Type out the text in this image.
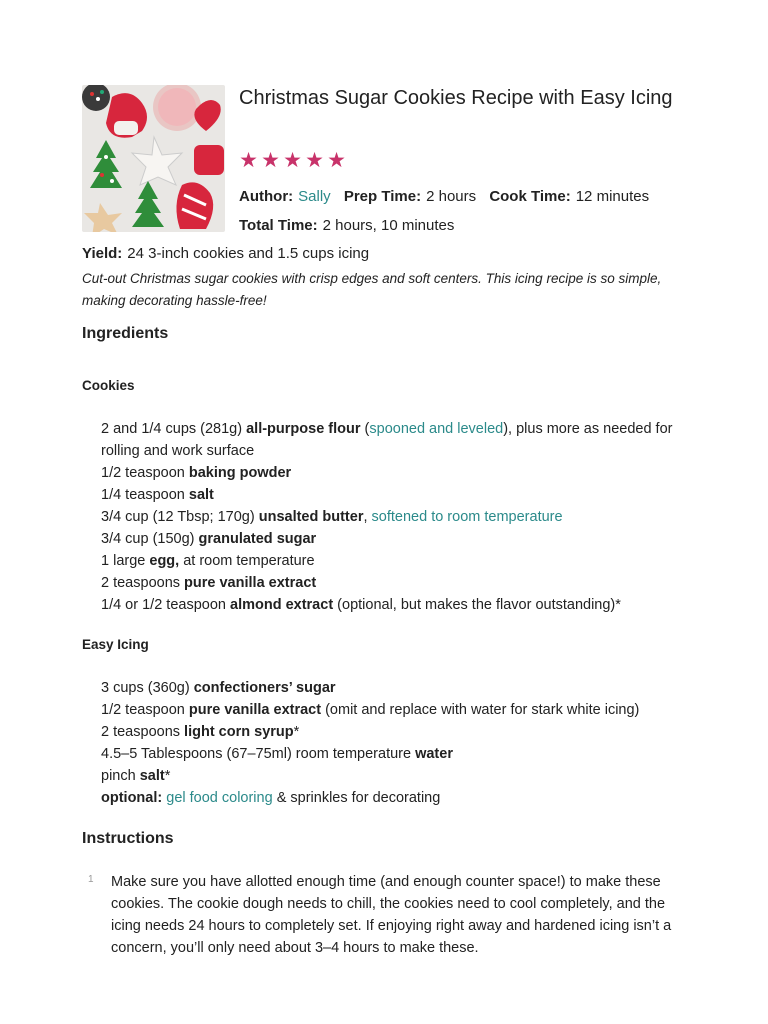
Christmas Sugar Cookies Recipe with Easy Icing
★ ★ ★ ★ ★
Author: Sally Prep Time: 2 hours Cook Time: 12 minutes
Total Time: 2 hours, 10 minutes
Yield: 24 3-inch cookies and 1.5 cups icing

Cut-out Christmas sugar cookies with crisp edges and soft centers. This icing recipe is so simple, making decorating hassle-free!

Ingredients
Cookies
2 and 1/4 cups (281g) all-purpose flour (spooned and leveled), plus more as needed for rolling and work surface
1/2 teaspoon baking powder
1/4 teaspoon salt
3/4 cup (12 Tbsp; 170g) unsalted butter, softened to room temperature
3/4 cup (150g) granulated sugar
1 large egg, at room temperature
2 teaspoons pure vanilla extract
1/4 or 1/2 teaspoon almond extract (optional, but makes the flavor outstanding)*
Easy Icing
3 cups (360g) confectioners’ sugar
1/2 teaspoon pure vanilla extract (omit and replace with water for stark white icing)
2 teaspoons light corn syrup*
4.5–5 Tablespoons (67–75ml) room temperature water
pinch salt*
optional: gel food coloring & sprinkles for decorating
Instructions
1 Make sure you have allotted enough time (and enough counter space!) to make these cookies. The cookie dough needs to chill, the cookies need to cool completely, and the icing needs 24 hours to completely set. If enjoying right away and hardened icing isn’t a concern, you’ll only need about 3–4 hours to make these.
